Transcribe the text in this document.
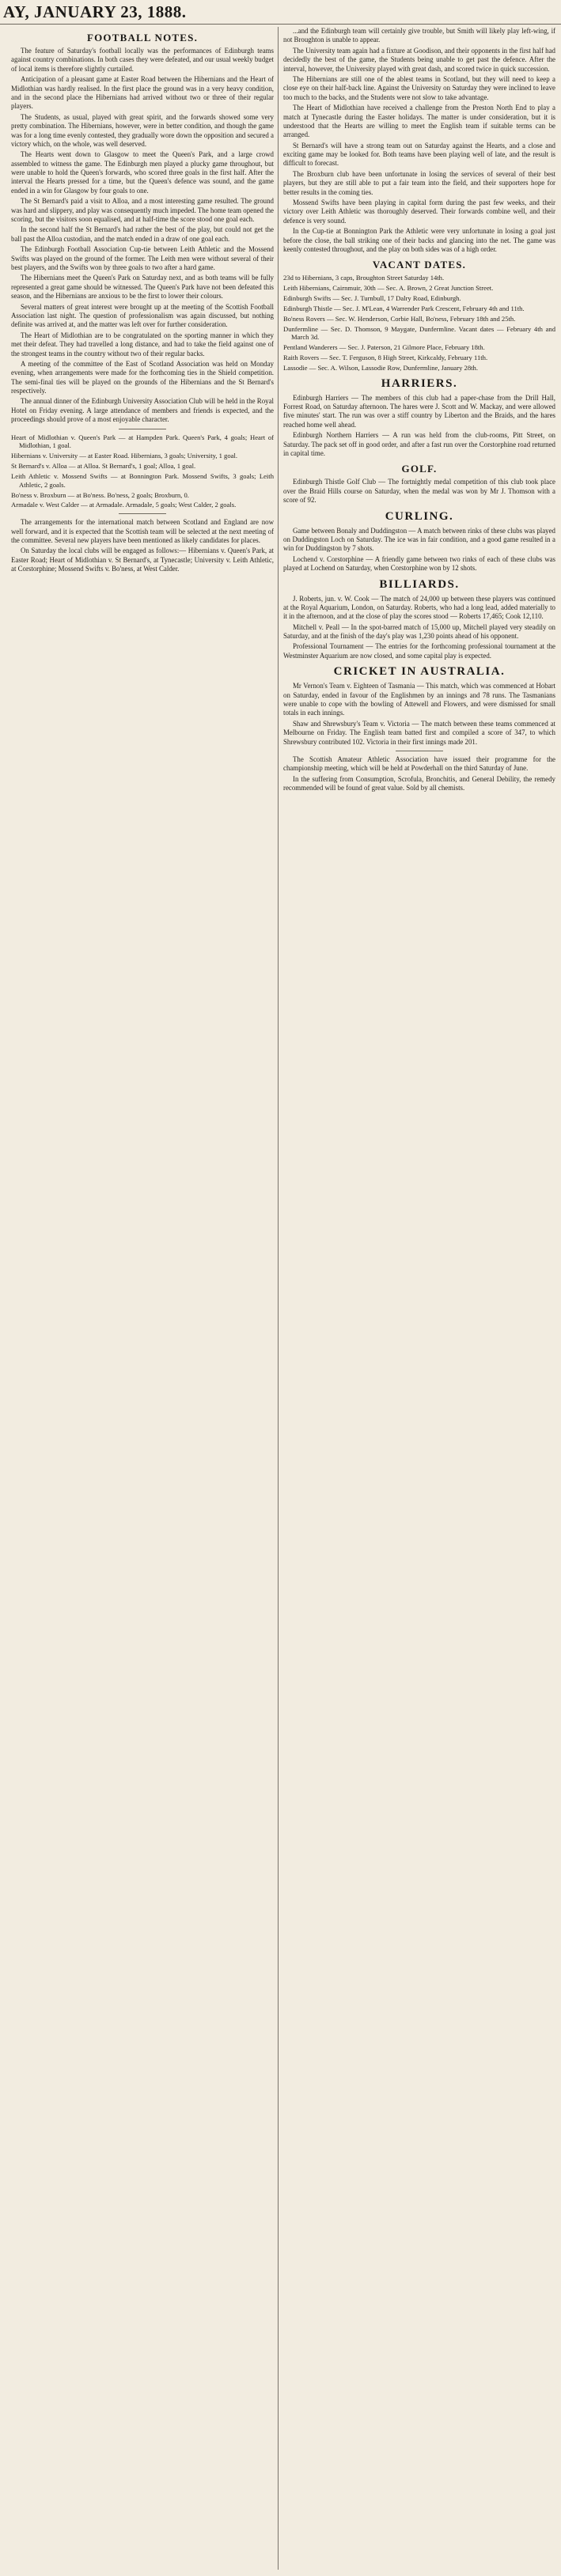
AY, JANUARY 23, 1888.
FOOTBALL NOTES.

The feature of Saturday's football locally was the performances of Edinburgh teams against country combinations. In both cases they were defeated, and our usual weekly budget of local items is therefore slightly curtailed.

Anticipation of a pleasant game at Easter Road between the Hibernians and the Heart of Midlothian was hardly realised. In the first place the ground was in a very heavy condition, and in the second place the Hibernians had arrived without two or three of their regular players.

The Students, as usual, played with great spirit, and the forwards showed some very pretty combination. The Hibernians, however, were in better condition, and though the game was for a long time evenly contested, they gradually wore down the opposition and secured a victory which, on the whole, was well deserved.

The Hearts went down to Glasgow to meet the Queen's Park, and a large crowd assembled to witness the game. The Edinburgh men played a plucky game throughout, but were unable to hold the Queen's forwards, who scored three goals in the first half. After the interval the Hearts pressed for a time, but the Queen's defence was sound, and the game ended in a win for Glasgow by four goals to one.

The St Bernard's paid a visit to Alloa, and a most interesting game resulted. The ground was hard and slippery, and play was consequently much impeded. The home team opened the scoring, but the visitors soon equalised, and at half-time the score stood one goal each.

In the second half the St Bernard's had rather the best of the play, but could not get the ball past the Alloa custodian, and the match ended in a draw of one goal each.

The Edinburgh Football Association Cup-tie between Leith Athletic and the Mossend Swifts was played on the ground of the former. The Leith men were without several of their best players, and the Swifts won by three goals to two after a hard game.

The Hibernians meet the Queen's Park on Saturday next, and as both teams will be fully represented a great game should be witnessed. The Queen's Park have not been defeated this season, and the Hibernians are anxious to be the first to lower their colours.

Several matters of great interest were brought up at the meeting of the Scottish Football Association last night. The question of professionalism was again discussed, but nothing definite was arrived at, and the matter was left over for further consideration.

The Heart of Midlothian are to be congratulated on the sporting manner in which they met their defeat. They had travelled a long distance, and had to take the field against one of the strongest teams in the country without two of their regular backs.

A meeting of the committee of the East of Scotland Association was held on Monday evening, when arrangements were made for the forthcoming ties in the Shield competition. The semi-final ties will be played on the grounds of the Hibernians and the St Bernard's respectively.

The annual dinner of the Edinburgh University Association Club will be held in the Royal Hotel on Friday evening. A large attendance of members and friends is expected, and the proceedings should prove of a most enjoyable character.

Heart of Midlothian v. Queen's Park — at Hampden Park. Queen's Park, 4 goals; Heart of Midlothian, 1 goal.

Hibernians v. University — at Easter Road. Hibernians, 3 goals; University, 1 goal.

St Bernard's v. Alloa — at Alloa. St Bernard's, 1 goal; Alloa, 1 goal.

Leith Athletic v. Mossend Swifts — at Bonnington Park. Mossend Swifts, 3 goals; Leith Athletic, 2 goals.

Bo'ness v. Broxburn — at Bo'ness. Bo'ness, 2 goals; Broxburn, 0.

Armadale v. West Calder — at Armadale. Armadale, 5 goals; West Calder, 2 goals.

The arrangements for the international match between Scotland and England are now well forward, and it is expected that the Scottish team will be selected at the next meeting of the committee. Several new players have been mentioned as likely candidates for places.

On Saturday the local clubs will be engaged as follows:— Hibernians v. Queen's Park, at Easter Road; Heart of Midlothian v. St Bernard's, at Tynecastle; University v. Leith Athletic, at Corstorphine; Mossend Swifts v. Bo'ness, at West Calder.

...and the Edinburgh team will certainly give trouble, but Smith will likely play left-wing, if not Broughton is unable to appear.

The University team again had a fixture at Goodison, and their opponents in the first half had decidedly the best of the game, the Students being unable to get past the defence. After the interval, however, the University played with great dash, and scored twice in quick succession.

The Hibernians are still one of the ablest teams in Scotland, but they will need to keep a close eye on their half-back line. Against the University on Saturday they were inclined to leave too much to the backs, and the Students were not slow to take advantage.

The Heart of Midlothian have received a challenge from the Preston North End to play a match at Tynecastle during the Easter holidays. The matter is under consideration, but it is understood that the Hearts are willing to meet the English team if suitable terms can be arranged.

St Bernard's will have a strong team out on Saturday against the Hearts, and a close and exciting game may be looked for. Both teams have been playing well of late, and the result is difficult to forecast.

The Broxburn club have been unfortunate in losing the services of several of their best players, but they are still able to put a fair team into the field, and their supporters hope for better results in the coming ties.

Mossend Swifts have been playing in capital form during the past few weeks, and their victory over Leith Athletic was thoroughly deserved. Their forwards combine well, and their defence is very sound.

In the Cup-tie at Bonnington Park the Athletic were very unfortunate in losing a goal just before the close, the ball striking one of their backs and glancing into the net. The game was keenly contested throughout, and the play on both sides was of a high order.

VACANT DATES.

23d to Hibernians, 3 caps, Broughton Street Saturday 14th.

Leith Hibernians, Cairnmuir, 30th — Sec. A. Brown, 2 Great Junction Street.

Edinburgh Swifts — Sec. J. Turnbull, 17 Dalry Road, Edinburgh.

Edinburgh Thistle — Sec. J. M'Lean, 4 Warrender Park Crescent, February 4th and 11th.

Bo'ness Rovers — Sec. W. Henderson, Corbie Hall, Bo'ness, February 18th and 25th.

Dunfermline — Sec. D. Thomson, 9 Maygate, Dunfermline. Vacant dates — February 4th and March 3d.

Pentland Wanderers — Sec. J. Paterson, 21 Gilmore Place, February 18th.

Raith Rovers — Sec. T. Ferguson, 8 High Street, Kirkcaldy, February 11th.

Lassodie — Sec. A. Wilson, Lassodie Row, Dunfermline, January 28th.

HARRIERS.

Edinburgh Harriers — The members of this club had a paper-chase from the Drill Hall, Forrest Road, on Saturday afternoon. The hares were J. Scott and W. Mackay, and were allowed five minutes' start. The run was over a stiff country by Liberton and the Braids, and the hares reached home well ahead.

Edinburgh Northern Harriers — A run was held from the club-rooms, Pitt Street, on Saturday. The pack set off in good order, and after a fast run over the Corstorphine road returned in capital time.

GOLF.

Edinburgh Thistle Golf Club — The fortnightly medal competition of this club took place over the Braid Hills course on Saturday, when the medal was won by Mr J. Thomson with a score of 92.

CURLING.

Game between Bonaly and Duddingston — A match between rinks of these clubs was played on Duddingston Loch on Saturday. The ice was in fair condition, and a good game resulted in a win for Duddingston by 7 shots.

Lochend v. Corstorphine — A friendly game between two rinks of each of these clubs was played at Lochend on Saturday, when Corstorphine won by 12 shots.

BILLIARDS.

J. Roberts, jun. v. W. Cook — The match of 24,000 up between these players was continued at the Royal Aquarium, London, on Saturday. Roberts, who had a long lead, added materially to it in the afternoon, and at the close of play the scores stood — Roberts 17,465; Cook 12,110.

Mitchell v. Peall — In the spot-barred match of 15,000 up, Mitchell played very steadily on Saturday, and at the finish of the day's play was 1,230 points ahead of his opponent.

Professional Tournament — The entries for the forthcoming professional tournament at the Westminster Aquarium are now closed, and some capital play is expected.

CRICKET IN AUSTRALIA.

Mr Vernon's Team v. Eighteen of Tasmania — This match, which was commenced at Hobart on Saturday, ended in favour of the Englishmen by an innings and 78 runs. The Tasmanians were unable to cope with the bowling of Attewell and Flowers, and were dismissed for small totals in each innings.

Shaw and Shrewsbury's Team v. Victoria — The match between these teams commenced at Melbourne on Friday. The English team batted first and compiled a score of 347, to which Shrewsbury contributed 102. Victoria in their first innings made 201.

The Scottish Amateur Athletic Association have issued their programme for the championship meeting, which will be held at Powderhall on the third Saturday of June.

In the suffering from Consumption, Scrofula, Bronchitis, and General Debility, the remedy recommended will be found of great value. Sold by all chemists.
